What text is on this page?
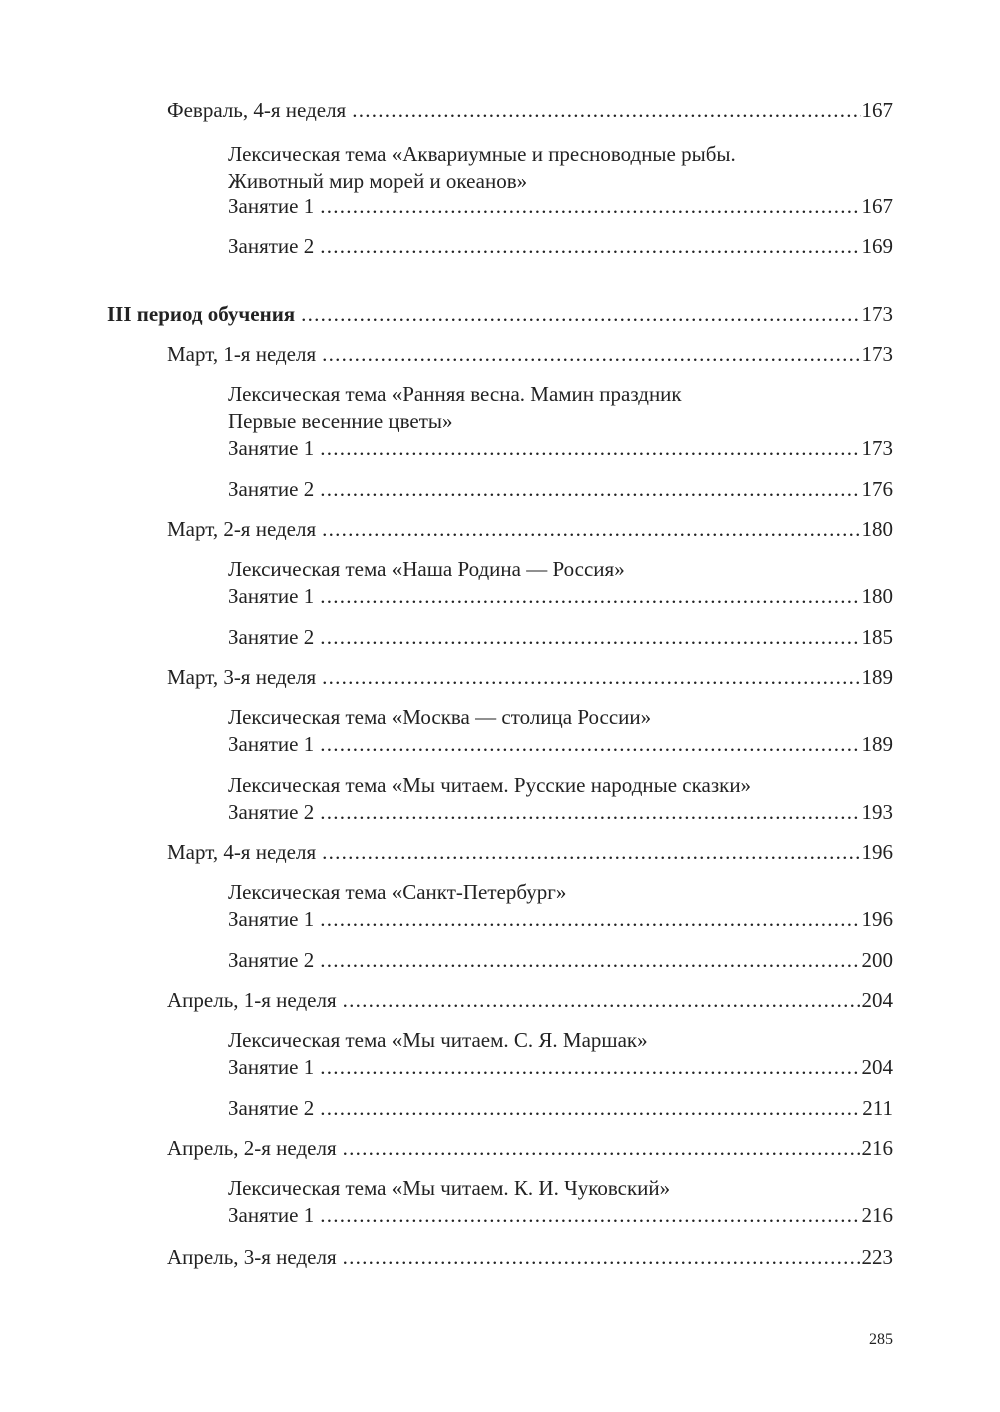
Февраль, 4-я неделя . . .	167
Лексическая тема «Аквариумные и пресноводные рыбы.
Животный мир морей и океанов»
Занятие 1 . . .	167
Занятие 2 . . .	169
III период обучения . . .	173
Март, 1-я неделя . . .	173
Лексическая тема «Ранняя весна. Мамин праздник
Первые весенние цветы»
Занятие 1 . . .	173
Занятие 2 . . .	176
Март, 2-я неделя . . .	180
Лексическая тема «Наша Родина — Россия»
Занятие 1 . . .	180
Занятие 2 . . .	185
Март, 3-я неделя . . .	189
Лексическая тема «Москва — столица России»
Занятие 1 . . .	189
Лексическая тема «Мы читаем. Русские народные сказки»
Занятие 2 . . .	193
Март, 4-я неделя . . .	196
Лексическая тема «Санкт-Петербург»
Занятие 1 . . .	196
Занятие 2 . . .	200
Апрель, 1-я неделя . . .	204
Лексическая тема «Мы читаем. С. Я. Маршак»
Занятие 1 . . .	204
Занятие 2 . . .	211
Апрель, 2-я неделя . . .	216
Лексическая тема «Мы читаем. К. И. Чуковский»
Занятие 1 . . .	216
Апрель, 3-я неделя . . .	223
285
